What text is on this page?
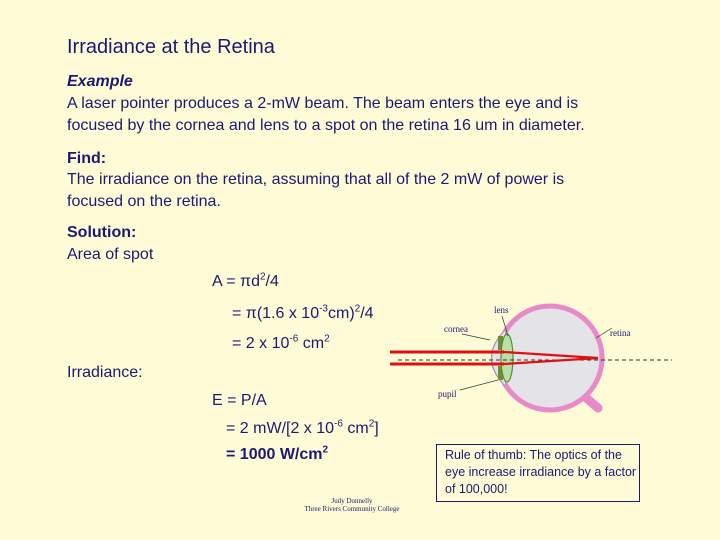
Irradiance at the Retina
Example
A laser pointer produces a 2-mW beam. The beam enters the eye and is
focused by the cornea and lens to a spot on the retina 16 um in diameter.
Find:
The irradiance on the retina, assuming that all of the 2 mW of power is
focused on the retina.
Solution:
Area of spot
$A = \pi d^2/4$
= π(1.6 x $10^{-3}cm)^2/4$
= 2 x $10^{-6}$ $cm^2$
Irradiance:
E = P/A
= 2 mW/[2 x $10^{-6}$ $cm^2$]
= 1000 $W/cm^2$
lens
cornea	retina
pupil
Judy Donnelly
Three Rivers Community College
Rule of thumb: The optics of the eye increase irradiance by a factor of 100,000!
